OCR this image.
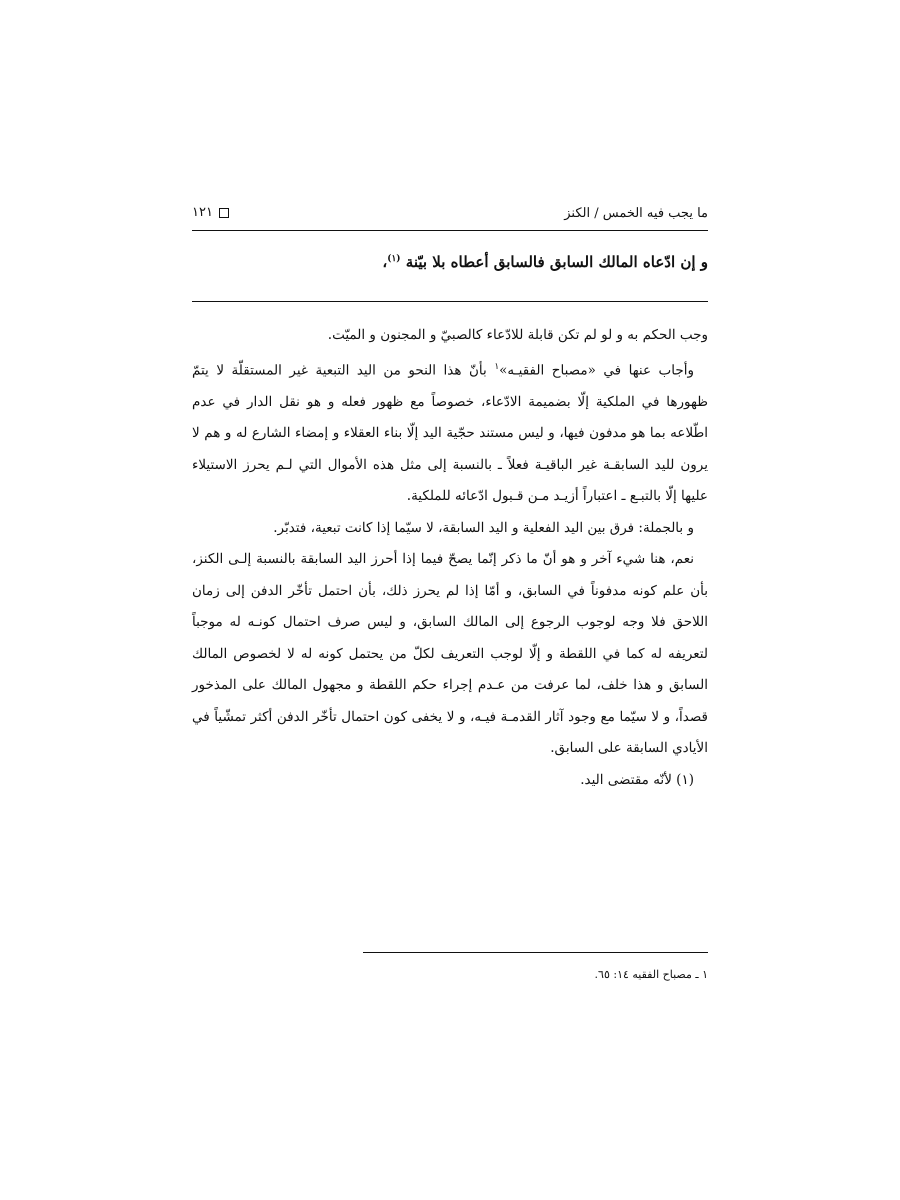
ما يجب فيه الخمس / الكنز
١٢١
و إن ادّعاه المالك السابق فالسابق أعطاه بلا بيّنة $^{(١)}$،

وجب الحكم به و لو لم تكن قابلة للادّعاء كالصبيّ و المجنون و الميّت.

وأجاب عنها في «مصباح الفقيـه»$^١$ بأنّ هذا النحو من اليد التبعية غير المستقلّة لا يتمّ ظهورها في الملكية إلّا بضميمة الادّعاء، خصوصاً مع ظهور فعله و هو نقل الدار في عدم اطّلاعه بما هو مدفون فيها، و ليس مستند حجّية اليد إلّا بناء العقلاء و إمضاء الشارع له و هم لا يرون لليد السابقـة غير الباقيـة فعلاً ـ بالنسبة إلى مثل هذه الأموال التي لـم يحرز الاستيلاء عليها إلّا بالتبـع ـ اعتباراً أزيـد مـن قـبول ادّعائه للملكية.

و بالجملة: فرق بين اليد الفعلية و اليد السابقة، لا سيّما إذا كانت تبعية، فتدبّر.

نعم، هنا شيء آخر و هو أنّ ما ذكر إنّما يصحّ فيما إذا أحرز اليد السابقة بالنسبة إلـى الكنز، بأن علم كونه مدفوناً في السابق، و أمّا إذا لم يحرز ذلك، بأن احتمل تأخّر الدفن إلى زمان اللاحق فلا وجه لوجوب الرجوع إلى المالك السابق، و ليس صرف احتمال كونـه له موجباً لتعريفه له كما في اللقطة و إلّا لوجب التعريف لكلّ من يحتمل كونه له لا لخصوص المالك السابق و هذا خلف، لما عرفت من عـدم إجراء حكم اللقطة و مجهول المالك على المذخور قصداً، و لا سيّما مع وجود آثار القدمـة فيـه، و لا يخفى كون احتمال تأخّر الدفن أكثر تمشّياً في الأيادي السابقة على السابق.

(١) لأنّه مقتضى اليد.

١ ـ مصباح الفقيه ١٤: ٦٥.
